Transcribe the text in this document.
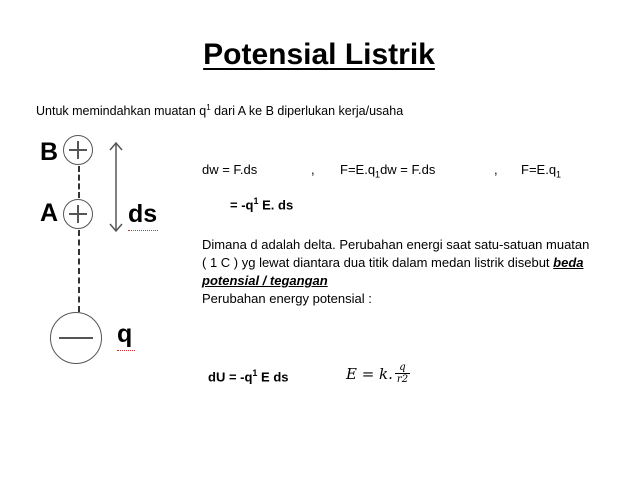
Potensial Listrik
Untuk memindahkan muatan $q^1$ dari A ke B diperlukan kerja/usaha
B
A
q
ds
dw = F.ds	, $F=E.q_1dw = F.ds$	, $F=E.q_1$
= $-q^1$ E. ds
Dimana d adalah delta. Perubahan energi saat satu-satuan muatan ( 1 C ) yg lewat diantara dua titik dalam medan listrik disebut beda potensial / tegangan
Perubahan energy potensial :
dU = $-q^1$ E ds	E = k. $\frac{q}{r2}$
